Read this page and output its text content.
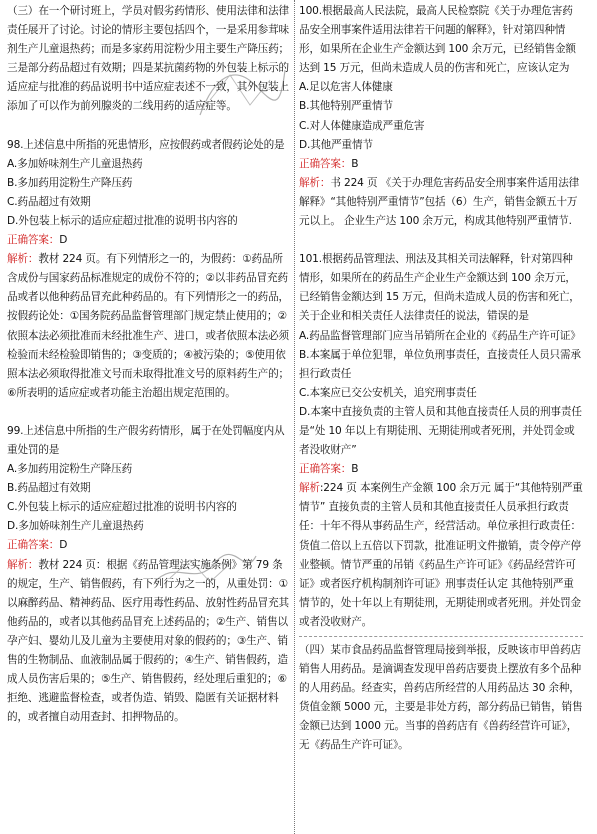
（三）在一个研讨班上，学员对假劣药情形、使用法律和法律责任展开了讨论。讨论的情形主要包括四个，一是采用参茸味剂生产儿童退热药；而是多家药用淀粉少用主要生产降压药；三是部分药品超过有效期；四是某抗菌药物的外包装上标示的适应症与批准的药品说明书中适应症表述不一致，其外包装上添加了可以作为前列腺炎的二线用药的适应症等。

98.上述信息中所指的死患情形，应按假药或者假药论处的是

A.多加娇味剂生产儿童退热药

B.多加药用淀粉生产降压药

C.药品超过有效期

D.外包装上标示的适应症超过批准的说明书内容的

正确答案：D

解析：教材 224 页。有下列情形之一的，为假药：①药品所含成份与国家药品标准规定的成份不符的；②以非药品冒充药品或者以他种药品冒充此种药品的。有下列情形之一的药品，按假药论处：①国务院药品监督管理部门规定禁止使用的；②依照本法必须批准而未经批准生产、进口，或者依照本法必须检验而未经检验即销售的；③变质的；④被污染的；⑤使用依照本法必须取得批准文号而未取得批准文号的原料药生产的；⑥所表明的适应症或者功能主治超出规定范围的。

99.上述信息中所指的生产假劣药情形，属于在处罚幅度内从重处罚的是

A.多加药用淀粉生产降压药

B.药品超过有效期

C.外包装上标示的适应症超过批准的说明书内容的

D.多加娇味剂生产儿童退热药

正确答案：D

解析：教材 224 页：根据《药品管理法实施条例》第 79 条的规定，生产、销售假药，有下列行为之一的，从重处罚：①以麻醉药品、精神药品、医疗用毒性药品、放射性药品冒充其他药品的，或者以其他药品冒充上述药品的；②生产、销售以孕产妇、婴幼儿及儿童为主要使用对象的假药的；③生产、销售的生物制品、血液制品属于假药的；④生产、销售假药，造成人员伤害后果的；⑤生产、销售假药，经处理后重犯的；⑥拒绝、逃避监督检查，或者伪造、销毁、隐匿有关证据材料的，或者擅自动用查封、扣押物品的。

100.根据最高人民法院，最高人民检察院《关于办理危害药品安全刑事案件适用法律若干问题的解释》，针对第四种情形，如果所在企业生产金额达到 100 余万元，已经销售金额达到 15 万元，但尚未造成人员的伤害和死亡，应该认定为

A.足以危害人体健康

B.其他特别严重情节

C.对人体健康造成严重危害

D.其他严重情节

正确答案：B

解析：书 224 页 《关于办理危害药品安全刑事案件适用法律解释》“其他特别严重情节”包括（6）生产，销售金额五十万元以上。 企业生产达 100 余万元，构成其他特别严重情节.

101.根据药品管理法、刑法及其相关司法解释，针对第四种情形，如果所在的药品生产企业生产金额达到 100 余万元，已经销售金额达到 15 万元，但尚未造成人员的伤害和死亡，关于企业和相关责任人法律责任的说法，错误的是

A.药品监督管理部门应当吊销所在企业的《药品生产许可证》

B.本案属于单位犯罪，单位负刑事责任，直接责任人员只需承担行政责任

C.本案应已交公安机关，追究刑事责任

D.本案中直接负责的主管人员和其他直接责任人员的刑事责任是“处 10 年以上有期徒刑、无期徒刑或者死刑，并处罚金或者没收财产”

正确答案：B

解析:224 页 本案例生产金额 100 余万元 属于“其他特别严重情节” 直接负责的主管人员和其他直接责任人员承担行政责任：十年不得从事药品生产，经营活动。单位承担行政责任：货值二倍以上五倍以下罚款，批准证明文件撤销，责令停产停业整顿。情节严重的吊销《药品生产许可证》《药品经营许可证》或者医疗机构制剂许可证》刑事责任认定 其他特别严重情节的，处十年以上有期徒刑，无期徒刑或者死刑。并处罚金或者没收财产。

（四）某市食品药品监督管理局接到举报，反映该市甲兽药店销售人用药品。是滴调查发现甲兽药店要贵上摆放有多个品种的人用药品。经查实，兽药店所经营的人用药品达 30 余种，货值金额 5000 元，主要是非处方药，部分药品已销售，销售金额已达到 1000 元。当事的兽药店有《兽药经营许可证》，无《药品生产许可证》。
